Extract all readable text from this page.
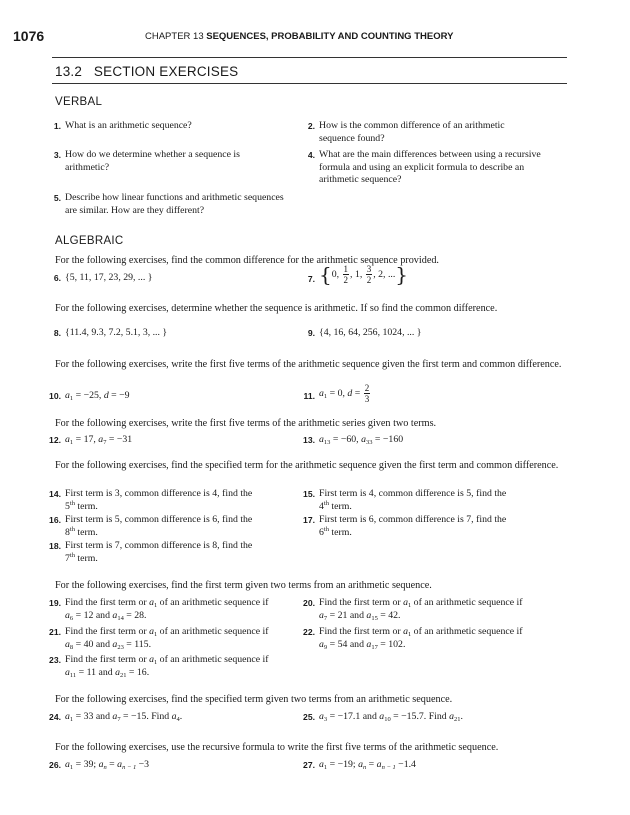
1076	CHAPTER 13 SEQUENCES, PROBABILITY AND COUNTING THEORY
13.2   SECTION EXERCISES
VERBAL
1. What is an arithmetic sequence?	2. How is the common difference of an arithmetic sequence found?
3. How do we determine whether a sequence is arithmetic?
4. What are the main differences between using a recursive formula and using an explicit formula to describe an arithmetic sequence?
5. Describe how linear functions and arithmetic sequences are similar. How are they different?
ALGEBRAIC
For the following exercises, find the common difference for the arithmetic sequence provided.
6. {5, 11, 17, 23, 29, ... }	7. {0, $\frac{1}{2}$ , 1, $\frac{3}{2}$ , 2, ...}
For the following exercises, determine whether the sequence is arithmetic. If so find the common difference.
8. {11.4, 9.3, 7.2, 5.1, 3, ... }	9. {4, 16, 64, 256, 1024, ... }
For the following exercises, write the first five terms of the arithmetic sequence given the first term and common difference.
10. $a_1 = -25$, d = −9	11. $a_1 = 0$, $d = \frac{2}{3}$
For the following exercises, write the first five terms of the arithmetic series given two terms.
12. $a_1 = 17$, $a_7 = -31$	13. $a_{13} = -60$, $a_{33} = -160$
For the following exercises, find the specified term for the arithmetic sequence given the first term and common difference.
14. First term is 3, common difference is 4, find the
5th term.
15. First term is 4, common difference is 5, find the
4th term.
16. First term is 5, common difference is 6, find the
8th term.
17. First term is 6, common difference is 7, find the
6th term.
18. First term is 7, common difference is 8, find the
7th term.
For the following exercises, find the first term given two terms from an arithmetic sequence.
19. Find the first term or $a_1$ of an arithmetic sequence if
$a_6 = 12$ and $a_{14} = 28$.
20. Find the first term or $a_1$ of an arithmetic sequence if
$a_7 = 21$ and $a_{15} = 42$.
21. Find the first term or $a_1$ of an arithmetic sequence if
$a_8 = 40$ and $a_{23} = 115$.
22. Find the first term or $a_1$ of an arithmetic sequence if
$a_9 = 54$ and $a_{17} = 102$.
23. Find the first term or $a_1$ of an arithmetic sequence if
$a_{11} = 11$ and $a_{21} = 16$.
For the following exercises, find the specified term given two terms from an arithmetic sequence.
24. $a_1 = 33$ and $a_7 = -15$. Find $a_4$.	25. $a_3 = -17.1$ and $a_{10} = -15.7$. Find $a_{21}$.
For the following exercises, use the recursive formula to write the first five terms of the arithmetic sequence.
26. $a_1 = 39$; $a_n = a_{n - 1} -3$	27. $a_1 = -19$; $a_n = a_{n - 1} -1.4$
